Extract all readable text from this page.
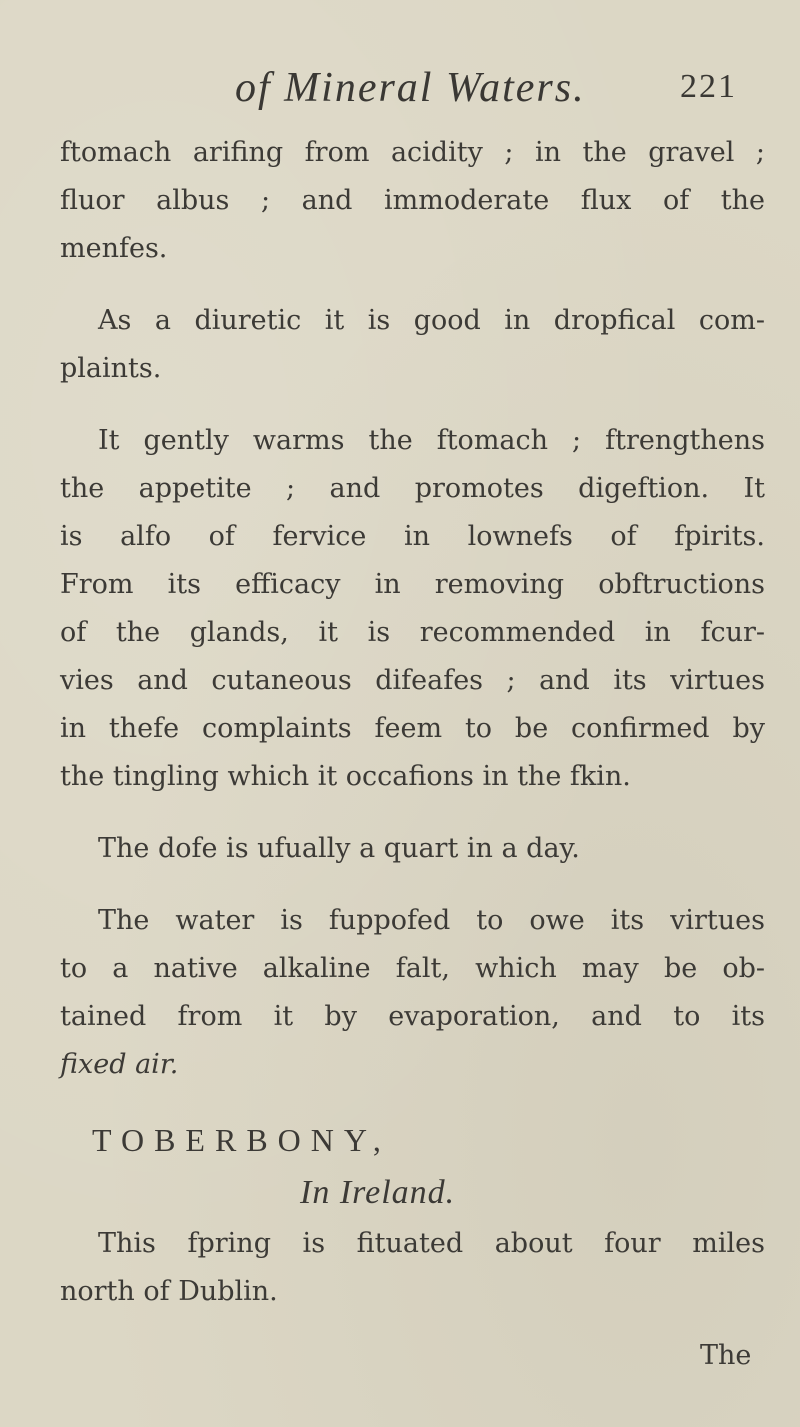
of Mineral Waters.	221
ftomach arifing from acidity ; in the gravel ;
fluor albus ; and immoderate flux of the
menfes.
As a diuretic it is good in dropfical com-
plaints.
It gently warms the ftomach ; ftrengthens
the appetite ; and promotes digeftion. It
is alfo of fervice in lownefs of fpirits.
From its efficacy in removing obftructions
of the glands, it is recommended in fcur-
vies and cutaneous difeafes ; and its virtues
in thefe complaints feem to be confirmed by
the tingling which it occafions in the fkin.
The dofe is ufually a quart in a day.
The water is fuppofed to owe its virtues
to a native alkaline falt, which may be ob-
tained from it by evaporation, and to its
fixed air.
TOBERBONY,
In Ireland.
This fpring is fituated about four miles
north of Dublin.
The
